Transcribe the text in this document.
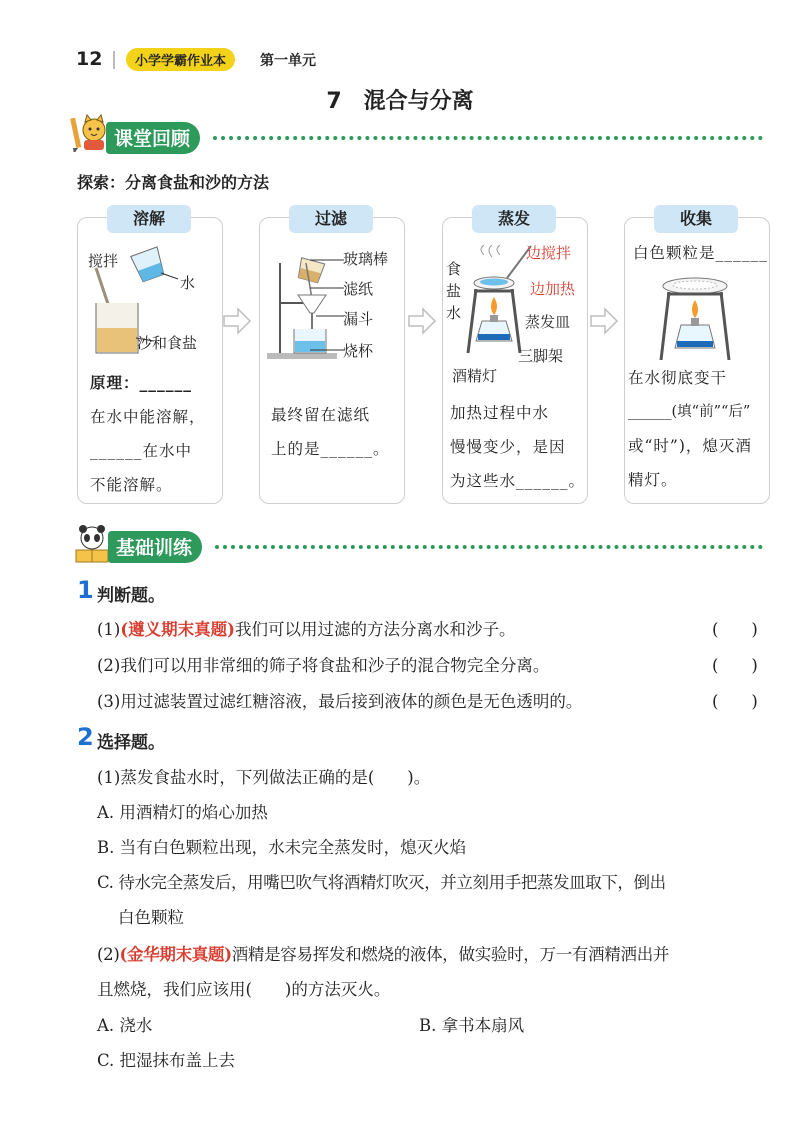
12	小学学霸作业本	第一单元
7　混合与分离
课堂回顾
探索：分离食盐和沙的方法
溶解
搅拌
水
沙和食盐
原理：______
在水中能溶解，
______在水中
不能溶解。
过滤
玻璃棒
滤纸
漏斗
烧杯
最终留在滤纸
上的是______。
蒸发
食盐水
边搅拌
边加热
蒸发皿
三脚架
酒精灯
加热过程中水
慢慢变少，是因
为这些水______。
收集
白色颗粒是______
在水彻底变干
______(填“前”“后”
或“时”)，熄灭酒
精灯。
基础训练
1 判断题。
(1)(遵义期末真题)我们可以用过滤的方法分离水和沙子。	(　　)
(2)我们可以用非常细的筛子将食盐和沙子的混合物完全分离。	(　　)
(3)用过滤装置过滤红糖溶液，最后接到液体的颜色是无色透明的。	(　　)
2 选择题。
(1)蒸发食盐水时，下列做法正确的是(　　)。
A. 用酒精灯的焰心加热
B. 当有白色颗粒出现，水未完全蒸发时，熄灭火焰
C. 待水完全蒸发后，用嘴巴吹气将酒精灯吹灭，并立刻用手把蒸发皿取下，倒出
白色颗粒
(2)(金华期末真题)酒精是容易挥发和燃烧的液体，做实验时，万一有酒精洒出并
且燃烧，我们应该用(　　)的方法灭火。
A. 浇水	B. 拿书本扇风
C. 把湿抹布盖上去
